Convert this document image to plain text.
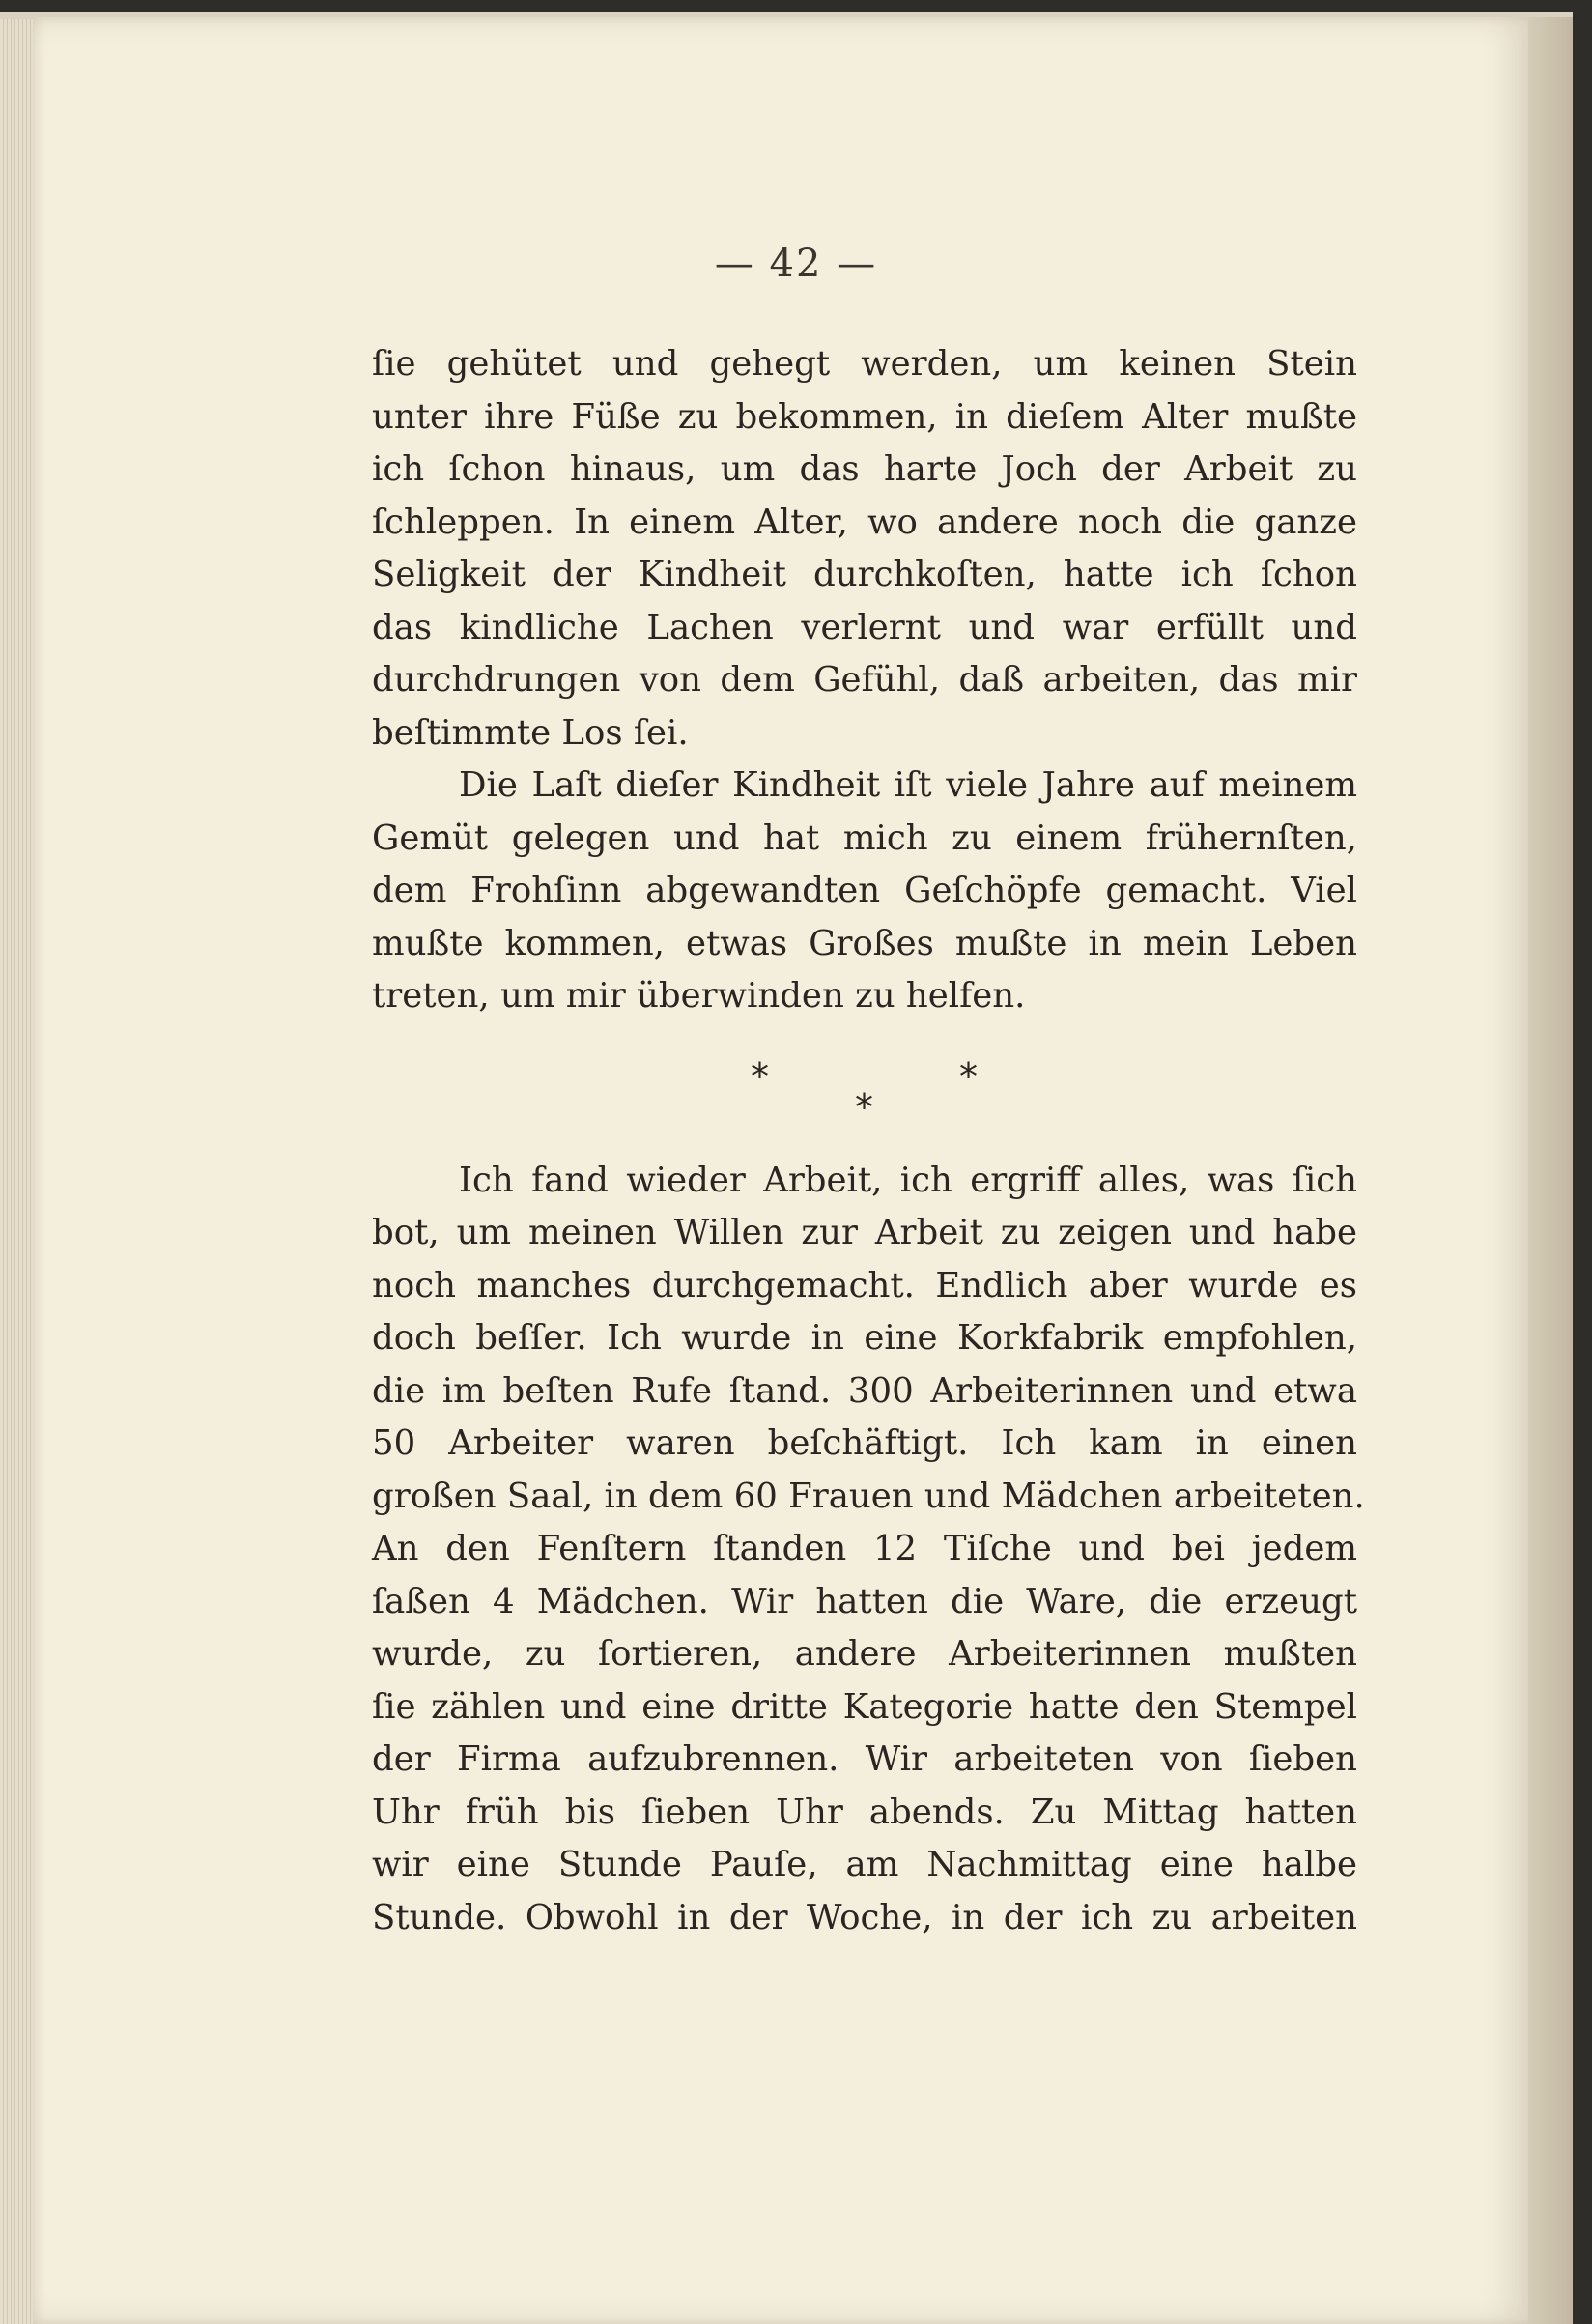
— 42 —
ſie gehütet und gehegt werden, um keinen Stein
unter ihre Füße zu bekommen, in dieſem Alter mußte
ich ſchon hinaus, um das harte Joch der Arbeit zu
ſchleppen. In einem Alter, wo andere noch die ganze
Seligkeit der Kindheit durchkoſten, hatte ich ſchon
das kindliche Lachen verlernt und war erfüllt und
durchdrungen von dem Gefühl, daß arbeiten, das mir
beſtimmte Los ſei.
Die Laſt dieſer Kindheit iſt viele Jahre auf meinem
Gemüt gelegen und hat mich zu einem frühernſten,
dem Frohſinn abgewandten Geſchöpfe gemacht. Viel
mußte kommen, etwas Großes mußte in mein Leben
treten, um mir überwinden zu helfen.
*
*
*
Ich fand wieder Arbeit, ich ergriff alles, was ſich
bot, um meinen Willen zur Arbeit zu zeigen und habe
noch manches durchgemacht. Endlich aber wurde es
doch beſſer. Ich wurde in eine Korkfabrik empfohlen,
die im beſten Rufe ſtand. 300 Arbeiterinnen und etwa
50 Arbeiter waren beſchäftigt. Ich kam in einen
großen Saal, in dem 60 Frauen und Mädchen arbeiteten.
An den Fenſtern ſtanden 12 Tiſche und bei jedem
ſaßen 4 Mädchen. Wir hatten die Ware, die erzeugt
wurde, zu ſortieren, andere Arbeiterinnen mußten
ſie zählen und eine dritte Kategorie hatte den Stempel
der Firma aufzubrennen. Wir arbeiteten von ſieben
Uhr früh bis ſieben Uhr abends. Zu Mittag hatten
wir eine Stunde Pauſe, am Nachmittag eine halbe
Stunde. Obwohl in der Woche, in der ich zu arbeiten
